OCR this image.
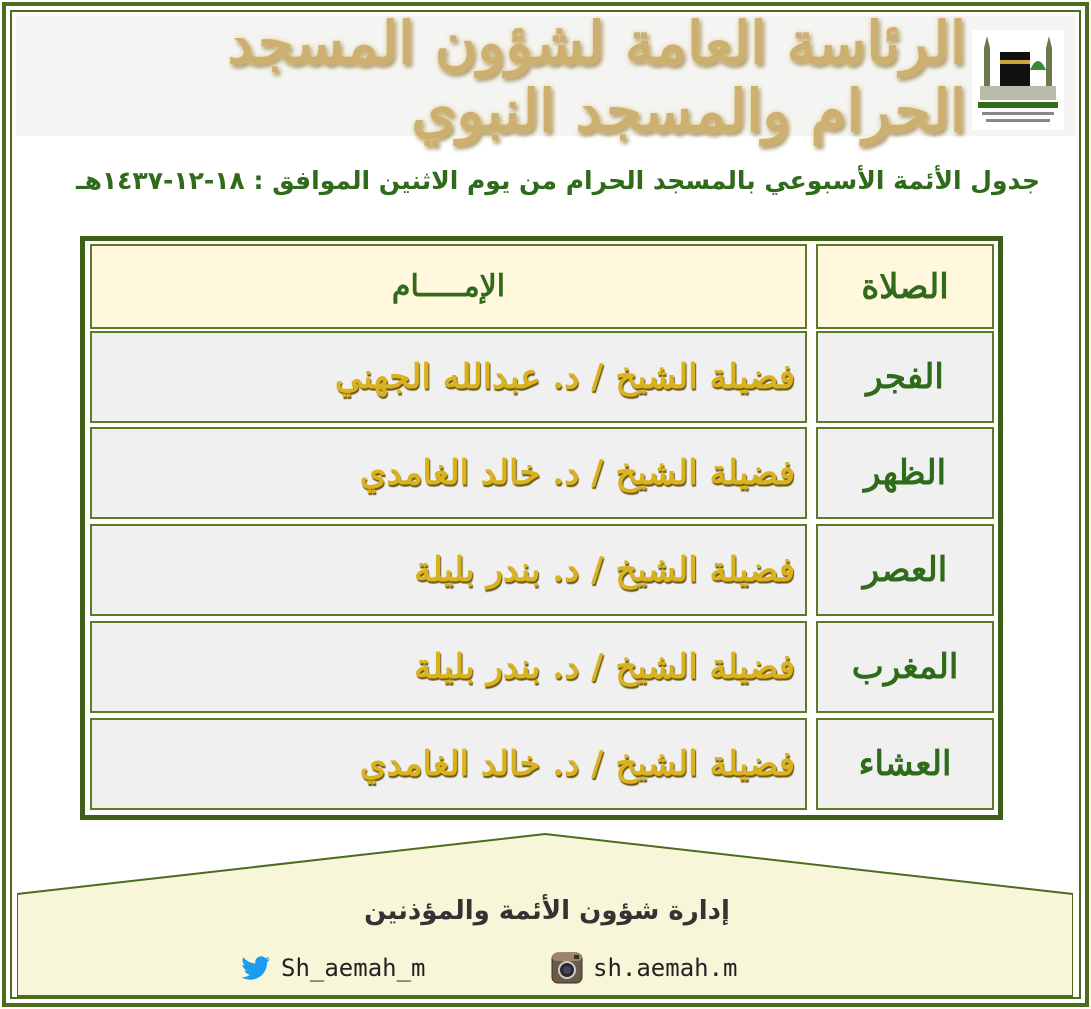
الرئاسة العامة لشؤون المسجد الحرام والمسجد النبوي
جدول الأئمة الأسبوعي بالمسجد الحرام من يوم الاثنين الموافق : ١٨-١٢-١٤٣٧هـ
الصلاة
الإمـــــام
الفجر
فضيلة الشيخ / د. عبدالله الجهني
الظهر
فضيلة الشيخ / د. خالد الغامدي
العصر
فضيلة الشيخ / د. بندر بليلة
المغرب
فضيلة الشيخ / د. بندر بليلة
العشاء
فضيلة الشيخ / د. خالد الغامدي
إدارة شؤون الأئمة والمؤذنين
Sh_aemah_m	sh.aemah.m
